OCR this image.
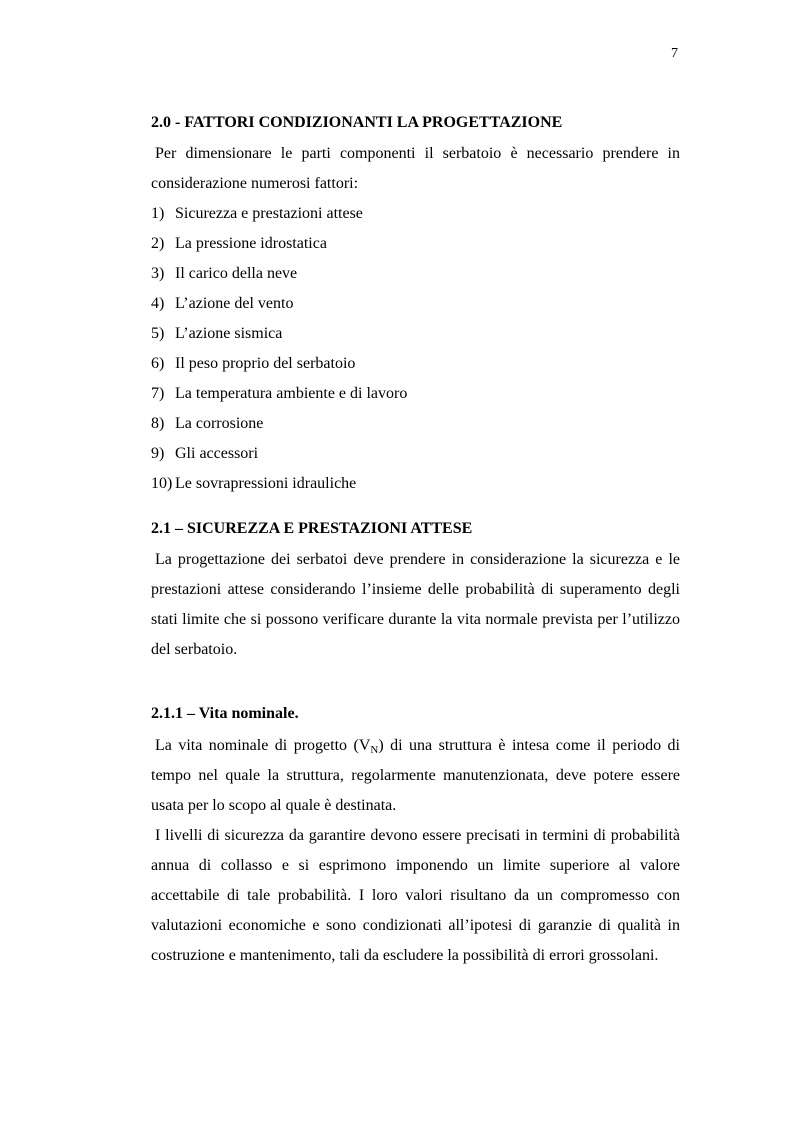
7

2.0 - FATTORI CONDIZIONANTI LA PROGETTAZIONE

Per dimensionare le parti componenti il serbatoio è necessario prendere in considerazione numerosi fattori:

1) Sicurezza e prestazioni attese
2) La pressione idrostatica
3) Il carico della neve
4) L’azione del vento
5) L’azione sismica
6) Il peso proprio del serbatoio
7) La temperatura ambiente e di lavoro
8) La corrosione
9) Gli accessori
10) Le sovrapressioni idrauliche

2.1 – SICUREZZA E PRESTAZIONI ATTESE

La progettazione dei serbatoi deve prendere in considerazione la sicurezza e le prestazioni attese considerando l’insieme delle probabilità di superamento degli stati limite che si possono verificare durante la vita normale prevista per l’utilizzo del serbatoio.

2.1.1 – Vita nominale.

La vita nominale di progetto $(V_N)$ di una struttura è intesa come il periodo di tempo nel quale la struttura, regolarmente manutenzionata, deve potere essere usata per lo scopo al quale è destinata.

I livelli di sicurezza da garantire devono essere precisati in termini di probabilità annua di collasso e si esprimono imponendo un limite superiore al valore accettabile di tale probabilità. I loro valori risultano da un compromesso con valutazioni economiche e sono condizionati all’ipotesi di garanzie di qualità in costruzione e mantenimento, tali da escludere la possibilità di errori grossolani.
